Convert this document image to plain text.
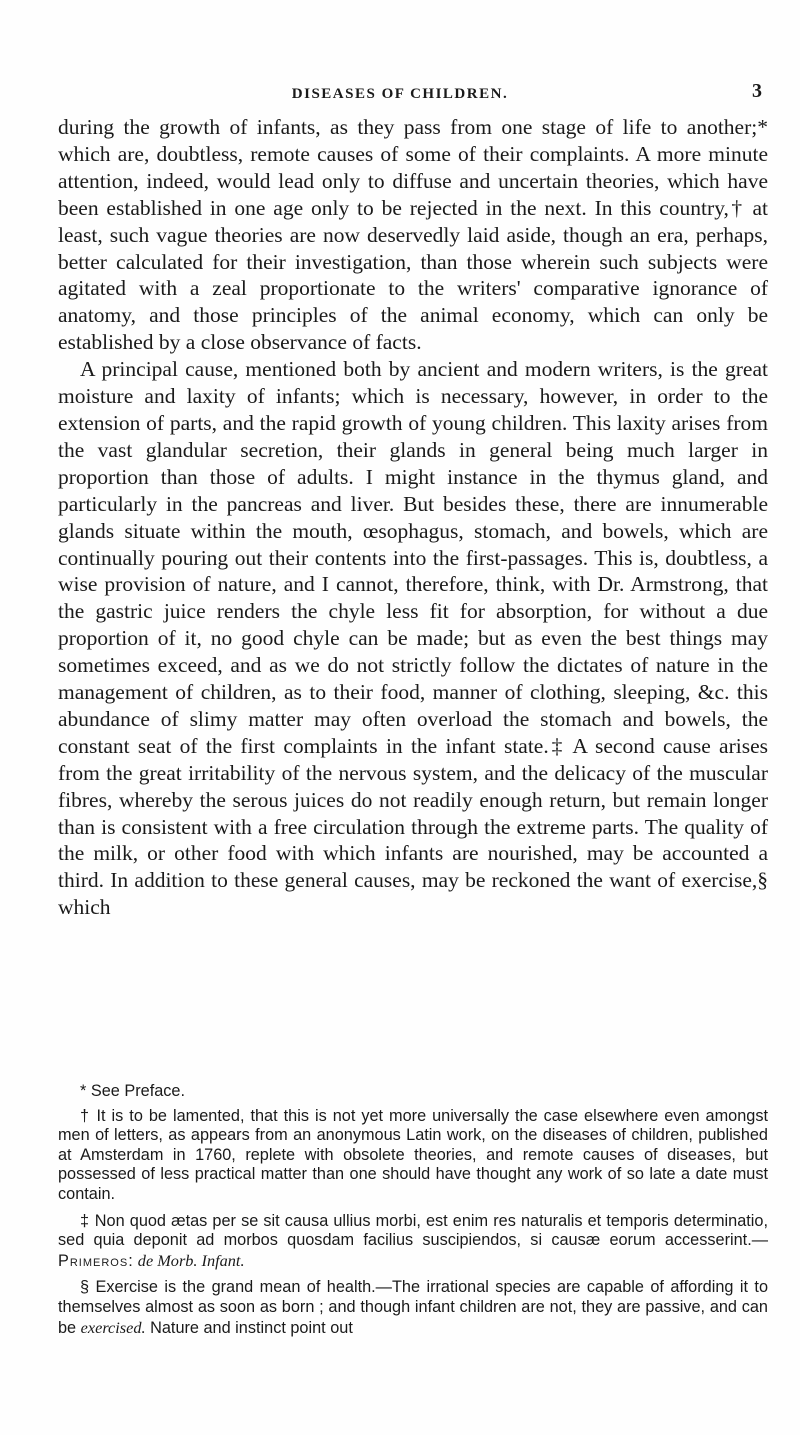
DISEASES OF CHILDREN.	3

during the growth of infants, as they pass from one stage of life to another;* which are, doubtless, remote causes of some of their complaints. A more minute attention, indeed, would lead only to diffuse and uncertain theories, which have been established in one age only to be rejected in the next. In this country,† at least, such vague theories are now deservedly laid aside, though an era, perhaps, better calculated for their investigation, than those wherein such subjects were agitated with a zeal proportionate to the writers' comparative ignorance of anatomy, and those principles of the animal economy, which can only be established by a close observance of facts.

A principal cause, mentioned both by ancient and modern writers, is the great moisture and laxity of infants; which is necessary, however, in order to the extension of parts, and the rapid growth of young children. This laxity arises from the vast glandular secretion, their glands in general being much larger in proportion than those of adults. I might instance in the thymus gland, and particularly in the pancreas and liver. But besides these, there are innumerable glands situate within the mouth, œsophagus, stomach, and bowels, which are continually pouring out their contents into the first-passages. This is, doubtless, a wise provision of nature, and I cannot, therefore, think, with Dr. Armstrong, that the gastric juice renders the chyle less fit for absorption, for without a due proportion of it, no good chyle can be made; but as even the best things may sometimes exceed, and as we do not strictly follow the dictates of nature in the management of children, as to their food, manner of clothing, sleeping, &c. this abundance of slimy matter may often overload the stomach and bowels, the constant seat of the first complaints in the infant state.‡ A second cause arises from the great irritability of the nervous system, and the delicacy of the muscular fibres, whereby the serous juices do not readily enough return, but remain longer than is consistent with a free circulation through the extreme parts. The quality of the milk, or other food with which infants are nourished, may be accounted a third. In addition to these general causes, may be reckoned the want of exercise,§ which

* See Preface.

† It is to be lamented, that this is not yet more universally the case elsewhere even amongst men of letters, as appears from an anonymous Latin work, on the diseases of children, published at Amsterdam in 1760, replete with obsolete theories, and remote causes of diseases, but possessed of less practical matter than one should have thought any work of so late a date must contain.

‡ Non quod ætas per se sit causa ullius morbi, est enim res naturalis et temporis determinatio, sed quia deponit ad morbos quosdam facilius suscipiendos, si causæ eorum accesserint.—Primeros: de Morb. Infant.

§ Exercise is the grand mean of health.—The irrational species are capable of affording it to themselves almost as soon as born ; and though infant children are not, they are passive, and can be exercised. Nature and instinct point out
